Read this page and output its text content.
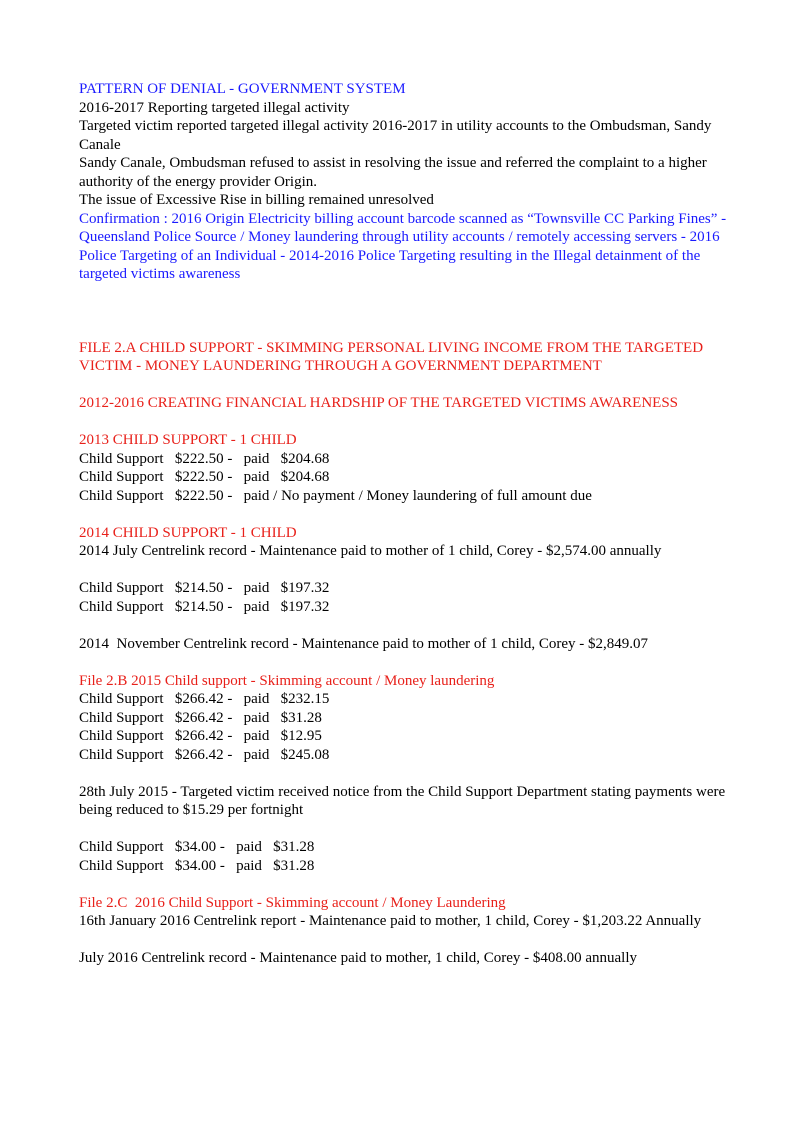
PATTERN OF DENIAL - GOVERNMENT SYSTEM
2016-2017 Reporting targeted illegal activity
Targeted victim reported targeted illegal activity 2016-2017 in utility accounts to the Ombudsman, Sandy Canale
Sandy Canale, Ombudsman refused to assist in resolving the issue and referred the complaint to a higher authority of the energy provider Origin.
The issue of Excessive Rise in billing remained unresolved
Confirmation : 2016 Origin Electricity billing account barcode scanned as “Townsville CC Parking Fines” - Queensland Police Source / Money laundering through utility accounts / remotely accessing servers - 2016 Police Targeting of an Individual - 2014-2016 Police Targeting resulting in the Illegal detainment of the targeted victims awareness
FILE 2.A CHILD SUPPORT - SKIMMING PERSONAL LIVING INCOME FROM THE TARGETED VICTIM - MONEY LAUNDERING THROUGH A GOVERNMENT DEPARTMENT
2012-2016 CREATING FINANCIAL HARDSHIP OF THE TARGETED VICTIMS AWARENESS
2013 CHILD SUPPORT - 1 CHILD
Child Support   $222.50 -   paid   $204.68
Child Support   $222.50 -   paid   $204.68
Child Support   $222.50 -   paid / No payment / Money laundering of full amount due
2014 CHILD SUPPORT - 1 CHILD
2014 July Centrelink record - Maintenance paid to mother of 1 child, Corey - $2,574.00 annually
Child Support   $214.50 -   paid   $197.32
Child Support   $214.50 -   paid   $197.32
2014  November Centrelink record - Maintenance paid to mother of 1 child, Corey - $2,849.07
File 2.B 2015 Child support - Skimming account / Money laundering
Child Support   $266.42 -   paid   $232.15
Child Support   $266.42 -   paid   $31.28
Child Support   $266.42 -   paid   $12.95
Child Support   $266.42 -   paid   $245.08
28th July 2015 - Targeted victim received notice from the Child Support Department stating payments were being reduced to $15.29 per fortnight
Child Support   $34.00 -   paid   $31.28
Child Support   $34.00 -   paid   $31.28
File 2.C  2016 Child Support - Skimming account / Money Laundering
16th January 2016 Centrelink report - Maintenance paid to mother, 1 child, Corey - $1,203.22 Annually
July 2016 Centrelink record - Maintenance paid to mother, 1 child, Corey - $408.00 annually
